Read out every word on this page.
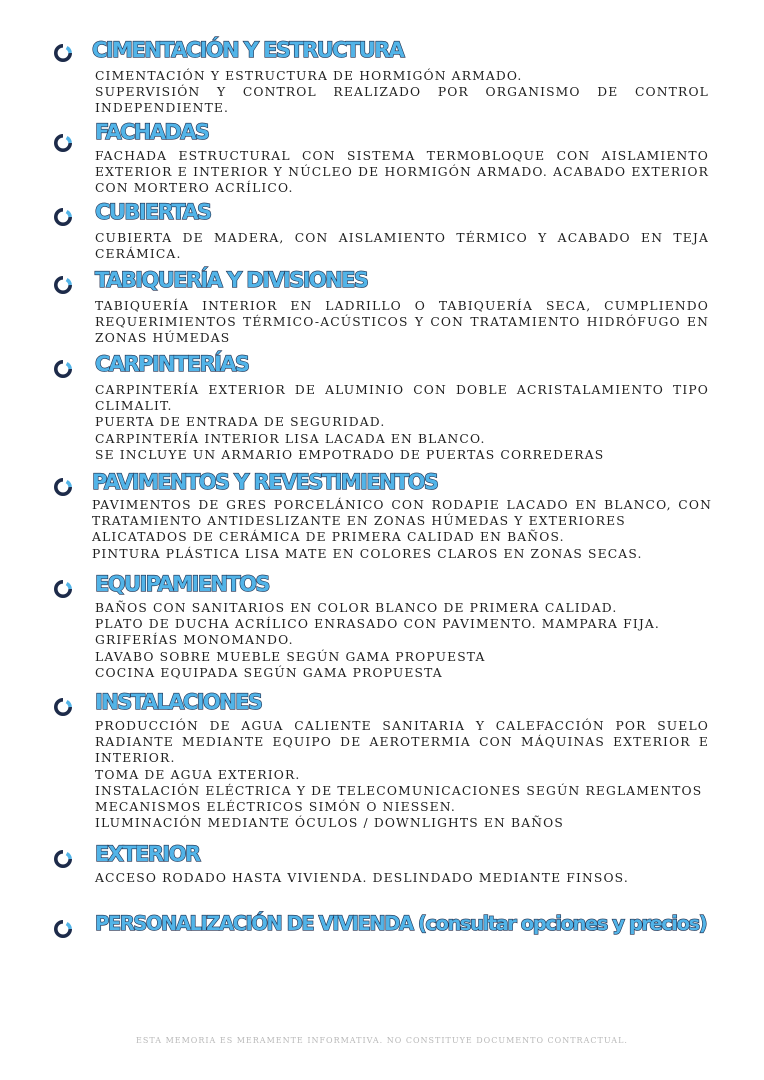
CIMENTACIÓN Y ESTRUCTURA
CIMENTACIÓN Y ESTRUCTURA DE HORMIGÓN ARMADO.
SUPERVISIÓN Y CONTROL REALIZADO POR ORGANISMO DE CONTROL INDEPENDIENTE.
FACHADAS
FACHADA ESTRUCTURAL CON SISTEMA TERMOBLOQUE CON AISLAMIENTO EXTERIOR E INTERIOR Y NÚCLEO DE HORMIGÓN ARMADO. ACABADO EXTERIOR CON MORTERO ACRÍLICO.
CUBIERTAS
CUBIERTA DE MADERA, CON AISLAMIENTO TÉRMICO Y ACABADO EN TEJA CERÁMICA.
TABIQUERÍA Y DIVISIONES
TABIQUERÍA INTERIOR EN LADRILLO O TABIQUERÍA SECA, CUMPLIENDO REQUERIMIENTOS TÉRMICO-ACÚSTICOS Y CON TRATAMIENTO HIDRÓFUGO EN ZONAS HÚMEDAS
CARPINTERÍAS
CARPINTERÍA EXTERIOR DE ALUMINIO CON DOBLE ACRISTALAMIENTO TIPO CLIMALIT.
PUERTA DE ENTRADA DE SEGURIDAD.
CARPINTERÍA INTERIOR LISA LACADA EN BLANCO.
SE INCLUYE UN ARMARIO EMPOTRADO DE PUERTAS CORREDERAS
PAVIMENTOS Y REVESTIMIENTOS
PAVIMENTOS DE GRES PORCELÁNICO CON RODAPIE LACADO EN BLANCO, CON TRATAMIENTO ANTIDESLIZANTE EN ZONAS HÚMEDAS Y EXTERIORES
ALICATADOS DE CERÁMICA DE PRIMERA CALIDAD EN BAÑOS.
PINTURA PLÁSTICA LISA MATE EN COLORES CLAROS EN ZONAS SECAS.
EQUIPAMIENTOS
BAÑOS CON SANITARIOS EN COLOR BLANCO DE PRIMERA CALIDAD.
PLATO DE DUCHA ACRÍLICO ENRASADO CON PAVIMENTO. MAMPARA FIJA.
GRIFERÍAS MONOMANDO.
LAVABO SOBRE MUEBLE SEGÚN GAMA PROPUESTA
COCINA EQUIPADA SEGÚN GAMA PROPUESTA
INSTALACIONES
PRODUCCIÓN DE AGUA CALIENTE SANITARIA Y CALEFACCIÓN POR SUELO RADIANTE MEDIANTE EQUIPO DE AEROTERMIA CON MÁQUINAS EXTERIOR E INTERIOR.
TOMA DE AGUA EXTERIOR.
INSTALACIÓN ELÉCTRICA Y DE TELECOMUNICACIONES SEGÚN REGLAMENTOS
MECANISMOS ELÉCTRICOS SIMÓN O NIESSEN.
ILUMINACIÓN MEDIANTE ÓCULOS / DOWNLIGHTS EN BAÑOS
EXTERIOR
ACCESO RODADO HASTA VIVIENDA. DESLINDADO MEDIANTE FINSOS.
PERSONALIZACIÓN DE VIVIENDA (consultar opciones y precios)
ESTA MEMORIA ES MERAMENTE INFORMATIVA. NO CONSTITUYE DOCUMENTO CONTRACTUAL.
